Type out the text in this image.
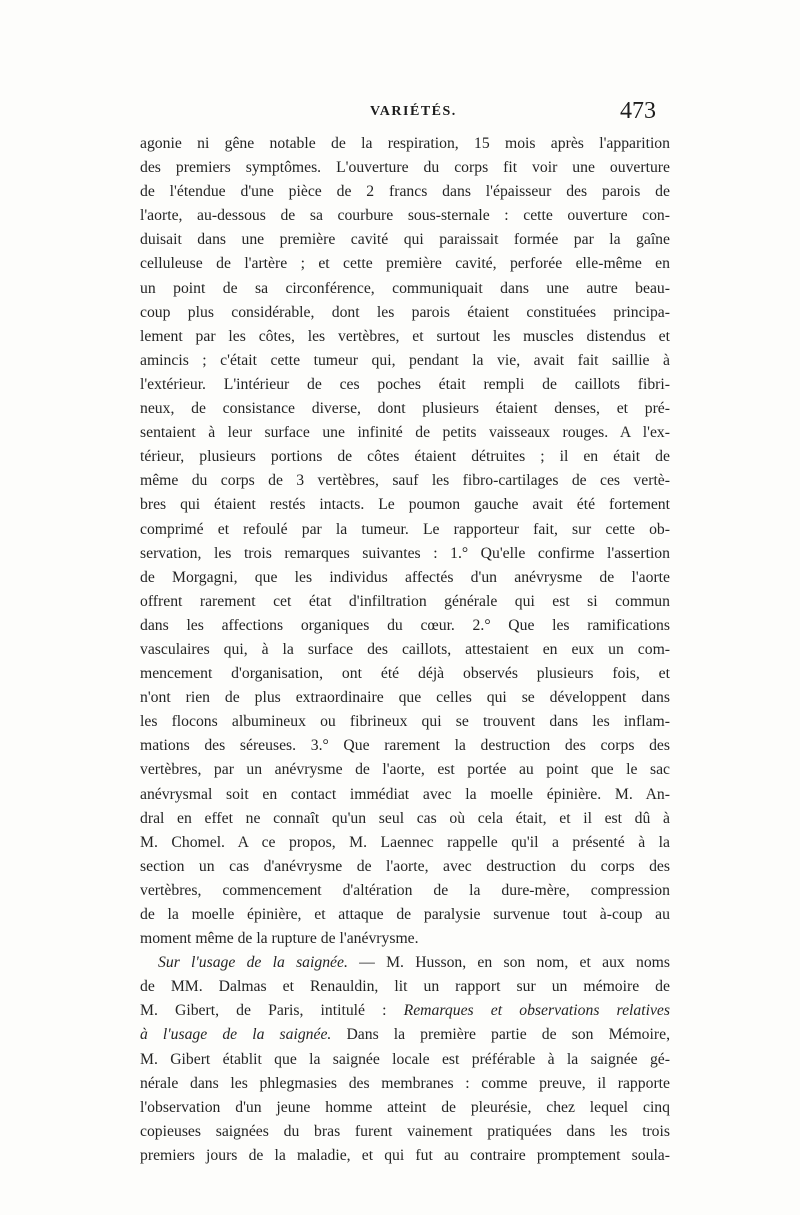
VARIÉTÉS.	473
agonie ni gêne notable de la respiration, 15 mois après l'apparition
des premiers symptômes. L'ouverture du corps fit voir une ouverture
de l'étendue d'une pièce de 2 francs dans l'épaisseur des parois de
l'aorte, au-dessous de sa courbure sous-sternale : cette ouverture con-
duisait dans une première cavité qui paraissait formée par la gaîne
celluleuse de l'artère ; et cette première cavité, perforée elle-même en
un point de sa circonférence, communiquait dans une autre beau-
coup plus considérable, dont les parois étaient constituées principa-
lement par les côtes, les vertèbres, et surtout les muscles distendus et
amincis ; c'était cette tumeur qui, pendant la vie, avait fait saillie à
l'extérieur. L'intérieur de ces poches était rempli de caillots fibri-
neux, de consistance diverse, dont plusieurs étaient denses, et pré-
sentaient à leur surface une infinité de petits vaisseaux rouges. A l'ex-
térieur, plusieurs portions de côtes étaient détruites ; il en était de
même du corps de 3 vertèbres, sauf les fibro-cartilages de ces vertè-
bres qui étaient restés intacts. Le poumon gauche avait été fortement
comprimé et refoulé par la tumeur. Le rapporteur fait, sur cette ob-
servation, les trois remarques suivantes : 1.° Qu'elle confirme l'assertion
de Morgagni, que les individus affectés d'un anévrysme de l'aorte
offrent rarement cet état d'infiltration générale qui est si commun
dans les affections organiques du cœur. 2.° Que les ramifications
vasculaires qui, à la surface des caillots, attestaient en eux un com-
mencement d'organisation, ont été déjà observés plusieurs fois, et
n'ont rien de plus extraordinaire que celles qui se développent dans
les flocons albumineux ou fibrineux qui se trouvent dans les inflam-
mations des séreuses. 3.° Que rarement la destruction des corps des
vertèbres, par un anévrysme de l'aorte, est portée au point que le sac
anévrysmal soit en contact immédiat avec la moelle épinière. M. An-
dral en effet ne connaît qu'un seul cas où cela était, et il est dû à
M. Chomel. A ce propos, M. Laennec rappelle qu'il a présenté à la
section un cas d'anévrysme de l'aorte, avec destruction du corps des
vertèbres, commencement d'altération de la dure-mère, compression
de la moelle épinière, et attaque de paralysie survenue tout à-coup au
moment même de la rupture de l'anévrysme.
Sur l'usage de la saignée. — M. Husson, en son nom, et aux noms
de MM. Dalmas et Renauldin, lit un rapport sur un mémoire de
M. Gibert, de Paris, intitulé : Remarques et observations relatives
à l'usage de la saignée. Dans la première partie de son Mémoire,
M. Gibert établit que la saignée locale est préférable à la saignée gé-
nérale dans les phlegmasies des membranes : comme preuve, il rapporte
l'observation d'un jeune homme atteint de pleurésie, chez lequel cinq
copieuses saignées du bras furent vainement pratiquées dans les trois
premiers jours de la maladie, et qui fut au contraire promptement soula-
